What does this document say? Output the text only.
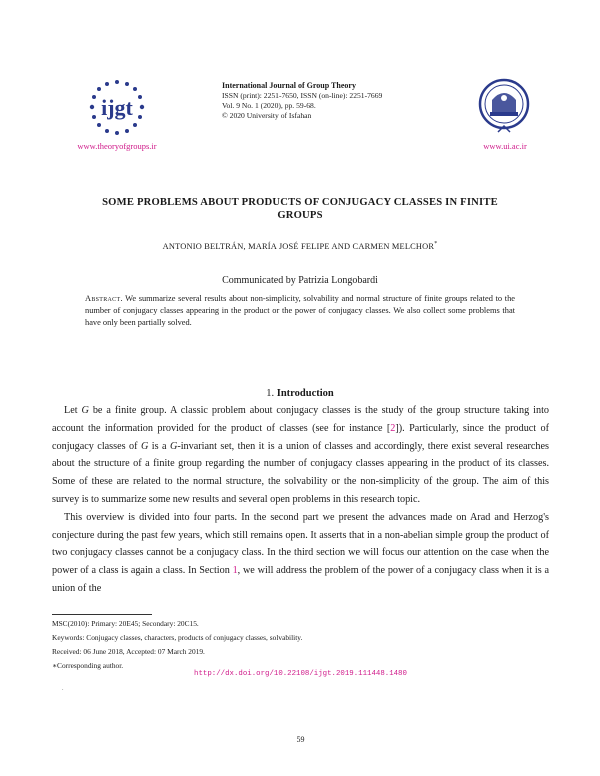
ijgt
www.theoryofgroups.ir
International Journal of Group Theory
ISSN (print): 2251-7650, ISSN (on-line): 2251-7669
Vol. 9 No. 1 (2020), pp. 59-68.
© 2020 University of Isfahan
www.ui.ac.ir
SOME PROBLEMS ABOUT PRODUCTS OF CONJUGACY CLASSES IN FINITE
GROUPS
ANTONIO BELTRÁN, MARÍA JOSÉ FELIPE AND CARMEN MELCHOR*
Communicated by Patrizia Longobardi
Abstract. We summarize several results about non-simplicity, solvability and normal structure of finite groups related to the number of conjugacy classes appearing in the product or the power of conjugacy classes. We also collect some problems that have only been partially solved.
1. Introduction

Let G be a finite group. A classic problem about conjugacy classes is the study of the group structure taking into account the information provided for the product of classes (see for instance [2]). Particularly, since the product of conjugacy classes of G is a G-invariant set, then it is a union of classes and accordingly, there exist several researches about the structure of a finite group regarding the number of conjugacy classes appearing in the product of its classes. Some of these are related to the normal structure, the solvability or the non-simplicity of the group. The aim of this survey is to summarize some new results and several open problems in this research topic.

This overview is divided into four parts. In the second part we present the advances made on Arad and Herzog's conjecture during the past few years, which still remains open. It asserts that in a non-abelian simple group the product of two conjugacy classes cannot be a conjugacy class. In the third section we will focus our attention on the case when the power of a class is again a class. In Section 1, we will address the problem of the power of a conjugacy class when it is a union of the

MSC(2010): Primary: 20E45; Secondary: 20C15.
Keywords: Conjugacy classes, characters, products of conjugacy classes, solvability.
Received: 06 June 2018, Accepted: 07 March 2019.
∗Corresponding author.
http://dx.doi.org/10.22108/ijgt.2019.111448.1480
.
59
